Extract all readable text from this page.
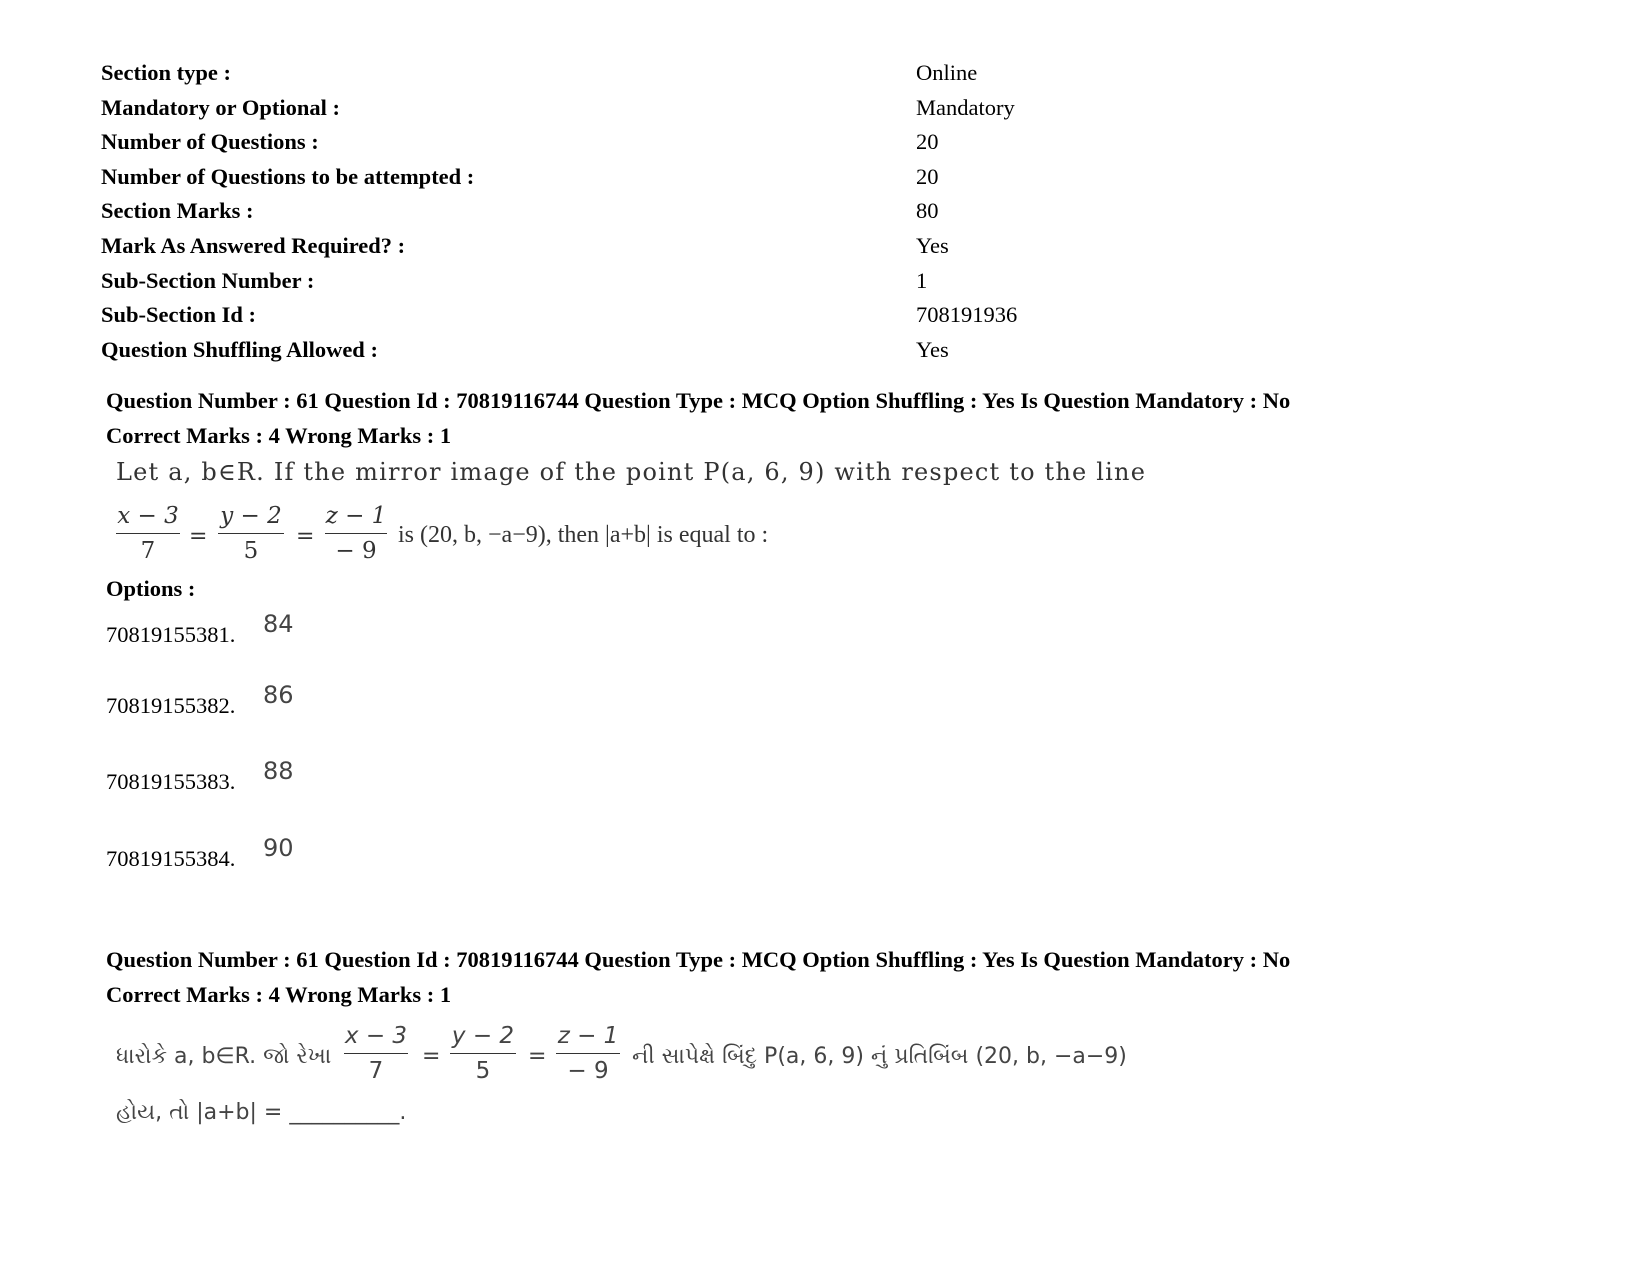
Section type :	Online
Mandatory or Optional :	Mandatory
Number of Questions :	20
Number of Questions to be attempted :	20
Section Marks :	80
Mark As Answered Required? :	Yes
Sub-Section Number :	1
Sub-Section Id :	708191936
Question Shuffling Allowed :	Yes
Question Number : 61 Question Id : 70819116744 Question Type : MCQ Option Shuffling : Yes Is Question Mandatory : No
Correct Marks : 4 Wrong Marks : 1
Let a, b∈R. If the mirror image of the point P(a, 6, 9) with respect to the line
x − 3
7
=
y − 2
5
=
z − 1
− 9
is (20, b, −a−9), then |a+b| is equal to :
Options :
70819155381. 84
70819155382. 86
70819155383. 88
70819155384. 90
Question Number : 61 Question Id : 70819116744 Question Type : MCQ Option Shuffling : Yes Is Question Mandatory : No
Correct Marks : 4 Wrong Marks : 1
ધારોકે a, b∈R. જો રેખા
x − 3
7
=
y − 2
5
=
z − 1
− 9
ની સાપેક્ષે બિંદુ P(a, 6, 9) નું પ્રતિબિંબ (20, b, −a−9)
હોય, તો |a+b| = __________.
